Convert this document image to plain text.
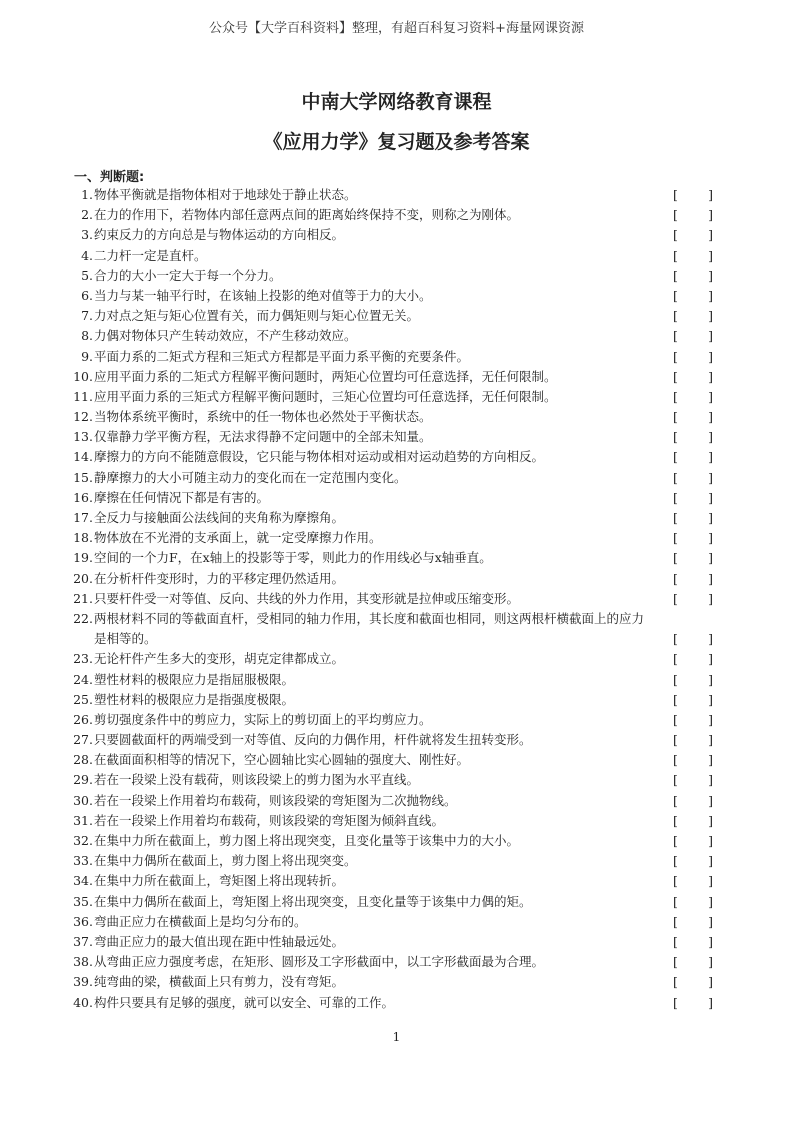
公众号【大学百科资料】整理，有超百科复习资料+海量网课资源
中南大学网络教育课程
《应用力学》复习题及参考答案
一、判断题:
1. 物体平衡就是指物体相对于地球处于静止状态。	[ ]
2. 在力的作用下，若物体内部任意两点间的距离始终保持不变，则称之为刚体。	[ ]
3. 约束反力的方向总是与物体运动的方向相反。	[ ]
4. 二力杆一定是直杆。	[ ]
5. 合力的大小一定大于每一个分力。	[ ]
6. 当力与某一轴平行时，在该轴上投影的绝对值等于力的大小。	[ ]
7. 力对点之矩与矩心位置有关，而力偶矩则与矩心位置无关。	[ ]
8. 力偶对物体只产生转动效应，不产生移动效应。	[ ]
9. 平面力系的二矩式方程和三矩式方程都是平面力系平衡的充要条件。	[ ]
10. 应用平面力系的二矩式方程解平衡问题时，两矩心位置均可任意选择，无任何限制。	[ ]
11. 应用平面力系的三矩式方程解平衡问题时，三矩心位置均可任意选择，无任何限制。	[ ]
12. 当物体系统平衡时，系统中的任一物体也必然处于平衡状态。	[ ]
13. 仅靠静力学平衡方程，无法求得静不定问题中的全部未知量。	[ ]
14. 摩擦力的方向不能随意假设，它只能与物体相对运动或相对运动趋势的方向相反。	[ ]
15. 静摩擦力的大小可随主动力的变化而在一定范围内变化。	[ ]
16. 摩擦在任何情况下都是有害的。	[ ]
17. 全反力与接触面公法线间的夹角称为摩擦角。	[ ]
18. 物体放在不光滑的支承面上，就一定受摩擦力作用。	[ ]
19. 空间的一个力F，在x轴上的投影等于零，则此力的作用线必与x轴垂直。	[ ]
20. 在分析杆件变形时，力的平移定理仍然适用。	[ ]
21. 只要杆件受一对等值、反向、共线的外力作用，其变形就是拉伸或压缩变形。	[ ]
22. 两根材料不同的等截面直杆，受相同的轴力作用，其长度和截面也相同，则这两根杆横截面上的应力
是相等的。	[ ]
23. 无论杆件产生多大的变形，胡克定律都成立。	[ ]
24. 塑性材料的极限应力是指屈服极限。	[ ]
25. 塑性材料的极限应力是指强度极限。	[ ]
26. 剪切强度条件中的剪应力，实际上的剪切面上的平均剪应力。	[ ]
27. 只要圆截面杆的两端受到一对等值、反向的力偶作用，杆件就将发生扭转变形。	[ ]
28. 在截面面积相等的情况下，空心圆轴比实心圆轴的强度大、刚性好。	[ ]
29. 若在一段梁上没有载荷，则该段梁上的剪力图为水平直线。	[ ]
30. 若在一段梁上作用着均布载荷，则该段梁的弯矩图为二次抛物线。	[ ]
31. 若在一段梁上作用着均布载荷，则该段梁的弯矩图为倾斜直线。	[ ]
32. 在集中力所在截面上，剪力图上将出现突变，且变化量等于该集中力的大小。	[ ]
33. 在集中力偶所在截面上，剪力图上将出现突变。	[ ]
34. 在集中力所在截面上，弯矩图上将出现转折。	[ ]
35. 在集中力偶所在截面上，弯矩图上将出现突变，且变化量等于该集中力偶的矩。	[ ]
36. 弯曲正应力在横截面上是均匀分布的。	[ ]
37. 弯曲正应力的最大值出现在距中性轴最远处。	[ ]
38. 从弯曲正应力强度考虑，在矩形、圆形及工字形截面中，以工字形截面最为合理。	[ ]
39. 纯弯曲的梁，横截面上只有剪力，没有弯矩。	[ ]
40. 构件只要具有足够的强度，就可以安全、可靠的工作。	[ ]
1
